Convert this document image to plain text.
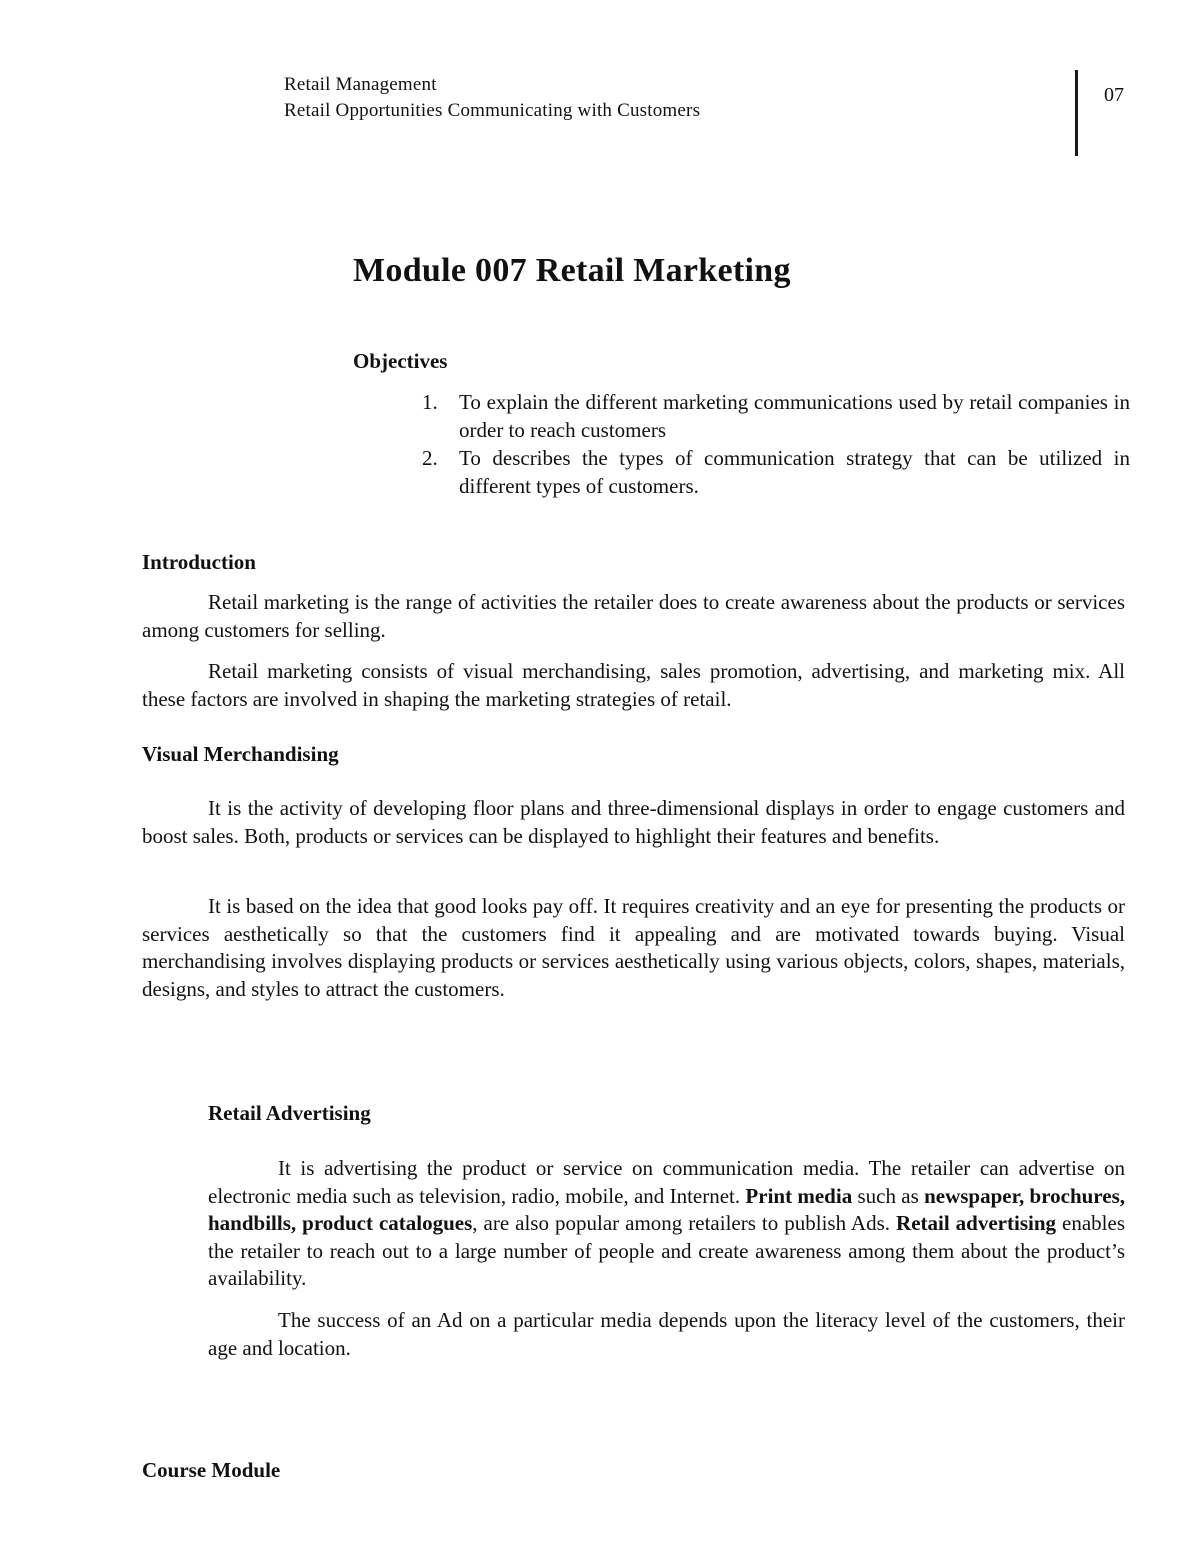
Retail Management
Retail Opportunities Communicating with Customers
07
Module 007 Retail Marketing
Objectives
1. To explain the different marketing communications used by retail companies in order to reach customers
2. To describes the types of communication strategy that can be utilized in different types of customers.
Introduction

Retail marketing is the range of activities the retailer does to create awareness about the products or services among customers for selling.

Retail marketing consists of visual merchandising, sales promotion, advertising, and marketing mix. All these factors are involved in shaping the marketing strategies of retail.

Visual Merchandising

It is the activity of developing floor plans and three-dimensional displays in order to engage customers and boost sales. Both, products or services can be displayed to highlight their features and benefits.

It is based on the idea that good looks pay off. It requires creativity and an eye for presenting the products or services aesthetically so that the customers find it appealing and are motivated towards buying. Visual merchandising involves displaying products or services aesthetically using various objects, colors, shapes, materials, designs, and styles to attract the customers.

Retail Advertising

It is advertising the product or service on communication media. The retailer can advertise on electronic media such as television, radio, mobile, and Internet. Print media such as newspaper, brochures, handbills, product catalogues, are also popular among retailers to publish Ads. Retail advertising enables the retailer to reach out to a large number of people and create awareness among them about the product’s availability.

The success of an Ad on a particular media depends upon the literacy level of the customers, their age and location.

Course Module
